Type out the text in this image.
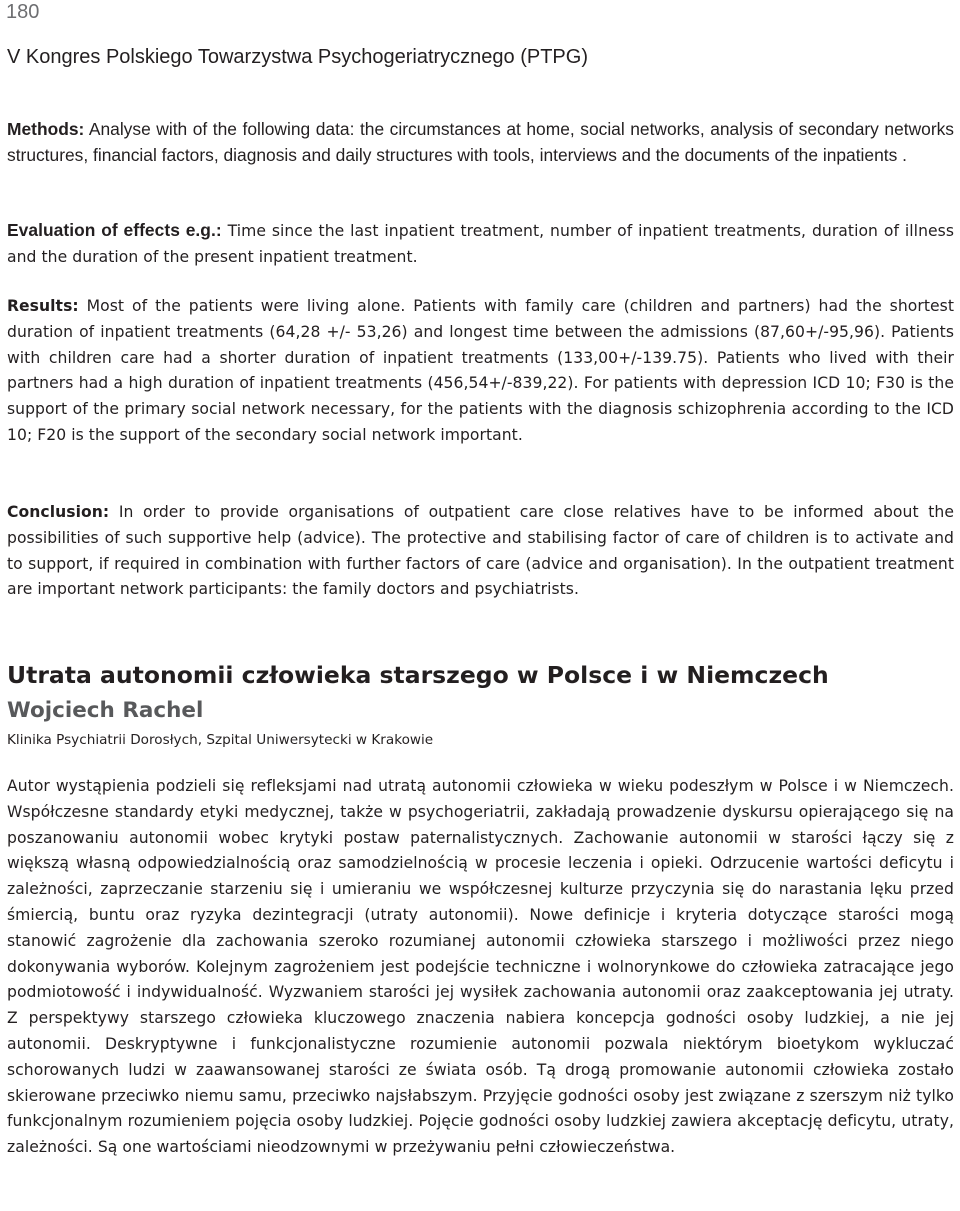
180
V Kongres Polskiego Towarzystwa Psychogeriatrycznego (PTPG)
Methods: Analyse with of the following data: the circumstances at home, social networks, analysis of secondary networks structures, financial factors, diagnosis and daily structures with tools, interviews and the documents of the inpatients .
Evaluation of effects e.g.: Time since the last inpatient treatment, number of inpatient treatments, duration of illness and the duration of the present inpatient treatment.
Results: Most of the patients were living alone. Patients with family care (children and partners) had the shortest duration of inpatient treatments (64,28 +/- 53,26) and longest time between the admissions (87,60+/-95,96). Patients with children care had a shorter duration of inpatient treatments (133,00+/-139.75). Patients who lived with their partners had a high duration of inpatient treatments (456,54+/-839,22). For patients with depression ICD 10; F30 is the support of the primary social network necessary, for the patients with the diagnosis schizophrenia according to the ICD 10; F20 is the support of the secondary social network important.
Conclusion: In order to provide organisations of outpatient care close relatives have to be informed about the possibilities of such supportive help (advice). The protective and stabilising factor of care of children is to activate and to support, if required in combination with further factors of care (advice and organisation). In the outpatient treatment are important network participants: the family doctors and psychiatrists.
Utrata autonomii człowieka starszego w Polsce i w Niemczech
Wojciech Rachel
Klinika Psychiatrii Dorosłych, Szpital Uniwersytecki w Krakowie
Autor wystąpienia podzieli się refleksjami nad utratą autonomii człowieka w wieku podeszłym w Polsce i w Niemczech. Współczesne standardy etyki medycznej, także w psychogeriatrii, zakładają prowadzenie dyskursu opierającego się na poszanowaniu autonomii wobec krytyki postaw paternalistycznych. Zachowanie autonomii w starości łączy się z większą własną odpowiedzialnością oraz samodzielnością w procesie leczenia i opieki. Odrzucenie wartości deficytu i zależności, zaprzeczanie starzeniu się i umieraniu we współczesnej kulturze przyczynia się do narastania lęku przed śmiercią, buntu oraz ryzyka dezintegracji (utraty autonomii). Nowe definicje i kryteria dotyczące starości mogą stanowić zagrożenie dla zachowania szeroko rozumianej autonomii człowieka starszego i możliwości przez niego dokonywania wyborów. Kolejnym zagrożeniem jest podejście techniczne i wolnorynkowe do człowieka zatracające jego podmiotowość i indywidualność. Wyzwaniem starości jej wysiłek zachowania autonomii oraz zaakceptowania jej utraty. Z perspektywy starszego człowieka kluczowego znaczenia nabiera koncepcja godności osoby ludzkiej, a nie jej autonomii. Deskryptywne i funkcjonalistyczne rozumienie autonomii pozwala niektórym bioetykom wykluczać schorowanych ludzi w zaawansowanej starości ze świata osób. Tą drogą promowanie autonomii człowieka zostało skierowane przeciwko niemu samu, przeciwko najsłabszym. Przyjęcie godności osoby jest związane z szerszym niż tylko funkcjonalnym rozumieniem pojęcia osoby ludzkiej. Pojęcie godności osoby ludzkiej zawiera akceptację deficytu, utraty, zależności. Są one wartościami nieodzownymi w przeżywaniu pełni człowieczeństwa.
